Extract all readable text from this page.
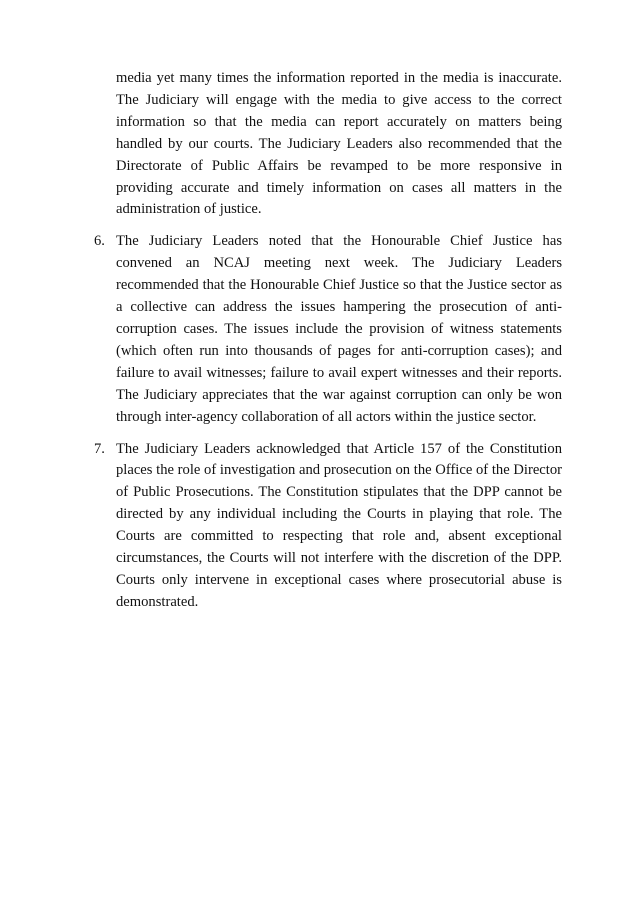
media yet many times the information reported in the media is inaccurate. The Judiciary will engage with the media to give access to the correct information so that the media can report accurately on matters being handled by our courts. The Judiciary Leaders also recommended that the Directorate of Public Affairs be revamped to be more responsive in providing accurate and timely information on cases all matters in the administration of justice.

6. The Judiciary Leaders noted that the Honourable Chief Justice has convened an NCAJ meeting next week. The Judiciary Leaders recommended that the Honourable Chief Justice so that the Justice sector as a collective can address the issues hampering the prosecution of anti-corruption cases. The issues include the provision of witness statements (which often run into thousands of pages for anti-corruption cases); and failure to avail witnesses; failure to avail expert witnesses and their reports. The Judiciary appreciates that the war against corruption can only be won through inter-agency collaboration of all actors within the justice sector.

7. The Judiciary Leaders acknowledged that Article 157 of the Constitution places the role of investigation and prosecution on the Office of the Director of Public Prosecutions. The Constitution stipulates that the DPP cannot be directed by any individual including the Courts in playing that role. The Courts are committed to respecting that role and, absent exceptional circumstances, the Courts will not interfere with the discretion of the DPP. Courts only intervene in exceptional cases where prosecutorial abuse is demonstrated.
